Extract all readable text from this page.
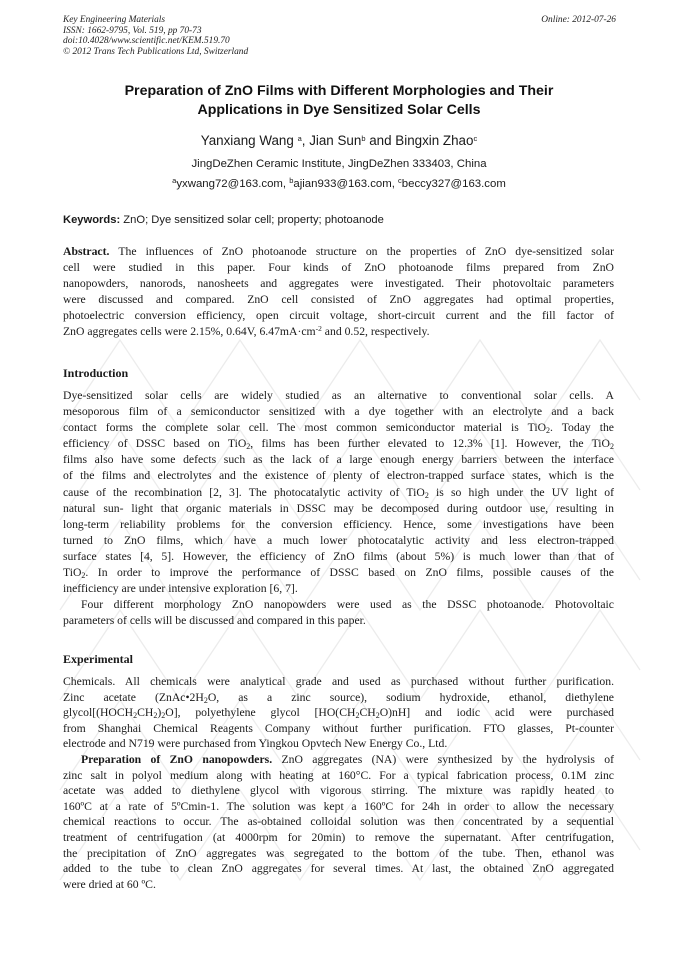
Key Engineering Materials
ISSN: 1662-9795, Vol. 519, pp 70-73
doi:10.4028/www.scientific.net/KEM.519.70
© 2012 Trans Tech Publications Ltd, Switzerland
Online: 2012-07-26
Preparation of ZnO Films with Different Morphologies and Their
Applications in Dye Sensitized Solar Cells
Yanxiang Wang $^a$, Jian Sun$^b$ and Bingxin Zhao$^c$
JingDeZhen Ceramic Institute, JingDeZhen 333403, China
$^a$yxwang72@163.com, $^b$ajian933@163.com, $^c$beccy327@163.com
Keywords: ZnO; Dye sensitized solar cell; property; photoanode
Abstract. The influences of ZnO photoanode structure on the properties of ZnO dye-sensitized solar
cell were studied in this paper. Four kinds of ZnO photoanode films prepared from ZnO
nanopowders, nanorods, nanosheets and aggregates were investigated. Their photovoltaic parameters
were discussed and compared. ZnO cell consisted of ZnO aggregates had optimal properties,
photoelectric conversion efficiency, open circuit voltage, short-circuit current and the fill factor of
ZnO aggregates cells were 2.15%, 0.64V, $6.47mA\cdot cm^{-2}$ and 0.52, respectively.
Introduction
Dye-sensitized solar cells are widely studied as an alternative to conventional solar cells. A
mesoporous film of a semiconductor sensitized with a dye together with an electrolyte and a back
contact forms the complete solar cell. The most common semiconductor material is TiO$_2$. Today the
efficiency of DSSC based on TiO$_2$, films has been further elevated to 12.3% [1]. However, the TiO$_2$
films also have some defects such as the lack of a large enough energy barriers between the interface
of the films and electrolytes and the existence of plenty of electron-trapped surface states, which is the
cause of the recombination [2, 3]. The photocatalytic activity of TiO$_2$ is so high under the UV light of
natural sun- light that organic materials in DSSC may be decomposed during outdoor use, resulting in
long-term reliability problems for the conversion efficiency. Hence, some investigations have been
turned to ZnO films, which have a much lower photocatalytic activity and less electron-trapped
surface states [4, 5]. However, the efficiency of ZnO films (about 5%) is much lower than that of
TiO$_2$. In order to improve the performance of DSSC based on ZnO films, possible causes of the
inefficiency are under intensive exploration [6, 7].
Four different morphology ZnO nanopowders were used as the DSSC photoanode. Photovoltaic
parameters of cells will be discussed and compared in this paper.
Experimental
Chemicals. All chemicals were analytical grade and used as purchased without further purification.
Zinc    acetate    ($ZnAc•2H_2O$,    as    a    zinc    source),    sodium    hydroxide,    ethanol,    diethylene
$glycol[(HOCH_2CH_2)_2O]$, polyethylene glycol $[HO(CH_2CH_2O)nH]$ and iodic acid were purchased
from Shanghai Chemical Reagents Company without further purification. FTO glasses, Pt-counter
electrode and N719 were purchased from Yingkou Opvtech New Energy Co., Ltd.
Preparation of ZnO nanopowders. ZnO aggregates (NA) were synthesized by the hydrolysis of
zinc salt in polyol medium along with heating at 160°C. For a typical fabrication process, 0.1M zinc
acetate was added to diethylene glycol with vigorous stirring. The mixture was rapidly heated to
160ºC at a rate of 5ºCmin-1. The solution was kept a 160ºC for 24h in order to allow the necessary
chemical reactions to occur. The as-obtained colloidal solution was then concentrated by a sequential
treatment of centrifugation (at 4000rpm for 20min) to remove the supernatant. After centrifugation,
the precipitation of ZnO aggregates was segregated to the bottom of the tube. Then, ethanol was
added to the tube to clean ZnO aggregates for several times. At last, the obtained ZnO aggregated
were dried at 60 ºC.
